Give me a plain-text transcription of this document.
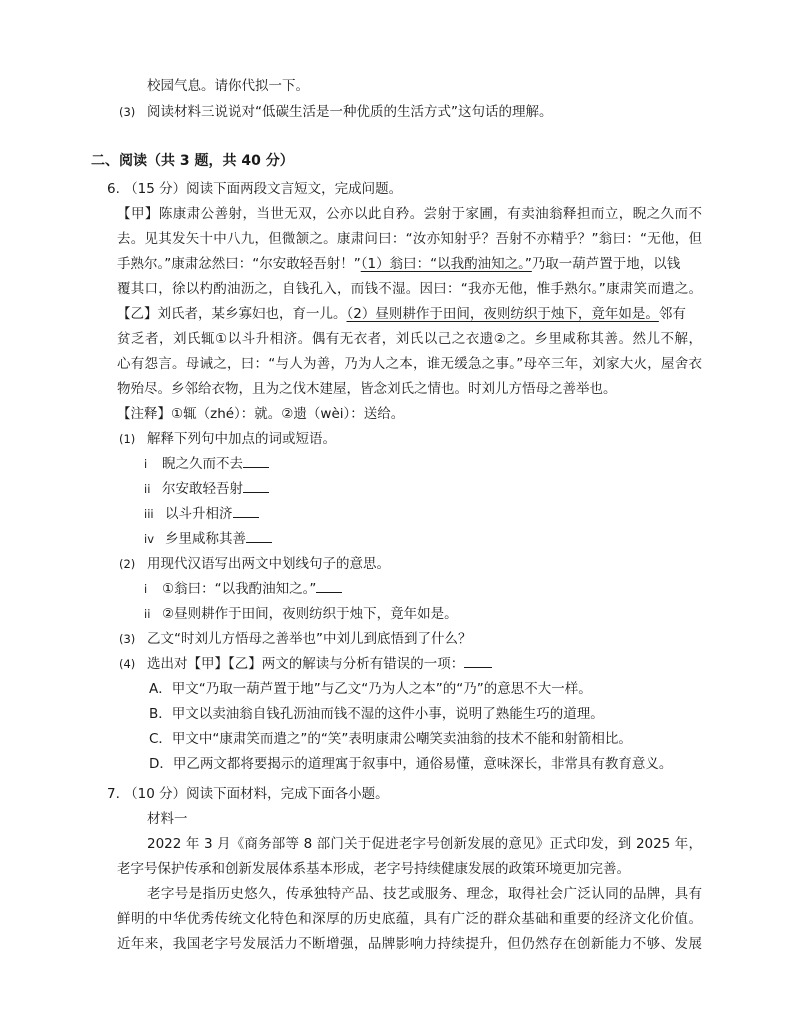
校园气息。请你代拟一下。
(3) 阅读材料三说说对“低碳生活是一种优质的生活方式”这句话的理解。
二、阅读（共 3 题，共 40 分）
6. （15 分）阅读下面两段文言短文，完成问题。
【甲】陈康肃公善射，当世无双，公亦以此自矜。尝射于家圃，有卖油翁释担而立，睨之久而不
去。见其发矢十中八九，但微颔之。康肃问曰：“汝亦知射乎？吾射不亦精乎？”翁曰：“无他，但
手熟尔。”康肃忿然曰：“尔安敢轻吾射！”（1）翁曰：“以我酌油知之。”乃取一葫芦置于地，以钱
覆其口，徐以杓酌油沥之，自钱孔入，而钱不湿。因曰：“我亦无他，惟手熟尔。”康肃笑而遣之。
【乙】刘氏者，某乡寡妇也，育一儿。（2）昼则耕作于田间，夜则纺织于烛下，竟年如是。邻有
贫乏者，刘氏辄①以斗升相济。偶有无衣者，刘氏以己之衣遗②之。乡里咸称其善。然儿不解，
心有怨言。母诫之，曰：“与人为善，乃为人之本，谁无缓急之事。”母卒三年，刘家大火，屋舍衣
物殆尽。乡邻给衣物，且为之伐木建屋，皆念刘氏之情也。时刘儿方悟母之善举也。
【注释】①辄（zhé）：就。②遗（wèi）：送给。
(1) 解释下列句中加点的词或短语。
i 睨之久而不去
ii 尔安敢轻吾射
iii 以斗升相济
iv 乡里咸称其善
(2) 用现代汉语写出两文中划线句子的意思。
i ①翁曰：“以我酌油知之。”
ii ②昼则耕作于田间，夜则纺织于烛下，竟年如是。
(3) 乙文“时刘儿方悟母之善举也”中刘儿到底悟到了什么？
(4) 选出对【甲】【乙】两文的解读与分析有错误的一项：
A．甲文“乃取一葫芦置于地”与乙文“乃为人之本”的“乃”的意思不大一样。
B．甲文以卖油翁自钱孔沥油而钱不湿的这件小事，说明了熟能生巧的道理。
C．甲文中“康肃笑而遣之”的“笑”表明康肃公嘲笑卖油翁的技术不能和射箭相比。
D．甲乙两文都将要揭示的道理寓于叙事中，通俗易懂，意味深长，非常具有教育意义。
7. （10 分）阅读下面材料，完成下面各小题。
材料一
2022 年 3 月《商务部等 8 部门关于促进老字号创新发展的意见》正式印发，到 2025 年，
老字号保护传承和创新发展体系基本形成，老字号持续健康发展的政策环境更加完善。
老字号是指历史悠久，传承独特产品、技艺或服务、理念，取得社会广泛认同的品牌，具有
鲜明的中华优秀传统文化特色和深厚的历史底蕴，具有广泛的群众基础和重要的经济文化价值。
近年来，我国老字号发展活力不断增强，品牌影响力持续提升，但仍然存在创新能力不够、发展
